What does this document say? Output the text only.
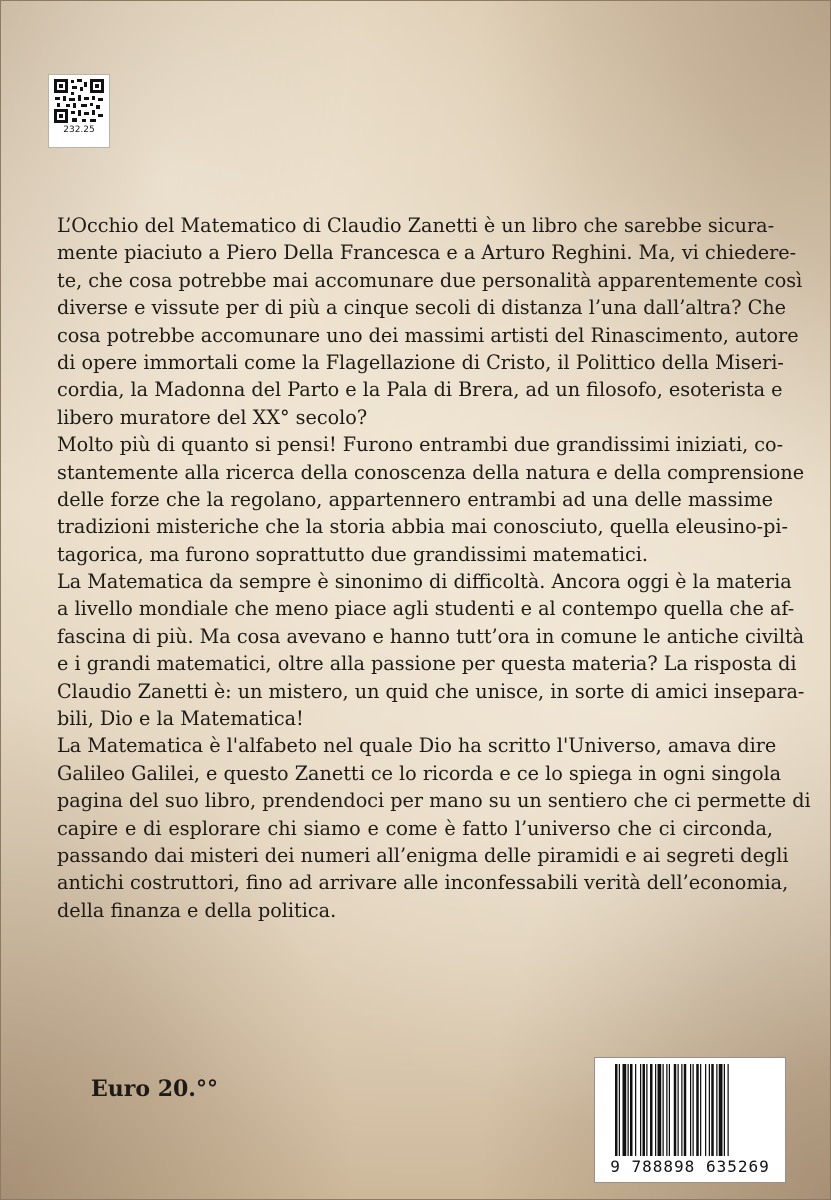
232.25
L’Occhio del Matematico di Claudio Zanetti è un libro che sarebbe sicura-
mente piaciuto a Piero Della Francesca e a Arturo Reghini. Ma, vi chiedere-
te, che cosa potrebbe mai accomunare due personalità apparentemente così
diverse e vissute per di più a cinque secoli di distanza l’una dall’altra? Che
cosa potrebbe accomunare uno dei massimi artisti del Rinascimento, autore
di opere immortali come la Flagellazione di Cristo, il Polittico della Miseri-
cordia, la Madonna del Parto e la Pala di Brera, ad un filosofo, esoterista e
libero muratore del XX° secolo?
Molto più di quanto si pensi! Furono entrambi due grandissimi iniziati, co-
stantemente alla ricerca della conoscenza della natura e della comprensione
delle forze che la regolano, appartennero entrambi ad una delle massime
tradizioni misteriche che la storia abbia mai conosciuto, quella eleusino-pi-
tagorica, ma furono soprattutto due grandissimi matematici.
La Matematica da sempre è sinonimo di difficoltà. Ancora oggi è la materia
a livello mondiale che meno piace agli studenti e al contempo quella che af-
fascina di più. Ma cosa avevano e hanno tutt’ora in comune le antiche civiltà
e i grandi matematici, oltre alla passione per questa materia? La risposta di
Claudio Zanetti è: un mistero, un quid che unisce, in sorte di amici insepara-
bili, Dio e la Matematica!
La Matematica è l'alfabeto nel quale Dio ha scritto l'Universo, amava dire
Galileo Galilei, e questo Zanetti ce lo ricorda e ce lo spiega in ogni singola
pagina del suo libro, prendendoci per mano su un sentiero che ci permette di
capire e di esplorare chi siamo e come è fatto l’universo che ci circonda,
passando dai misteri dei numeri all’enigma delle piramidi e ai segreti degli
antichi costruttori, fino ad arrivare alle inconfessabili verità dell’economia,
della finanza e della politica.
Euro 20.°°
9 788898 635269
